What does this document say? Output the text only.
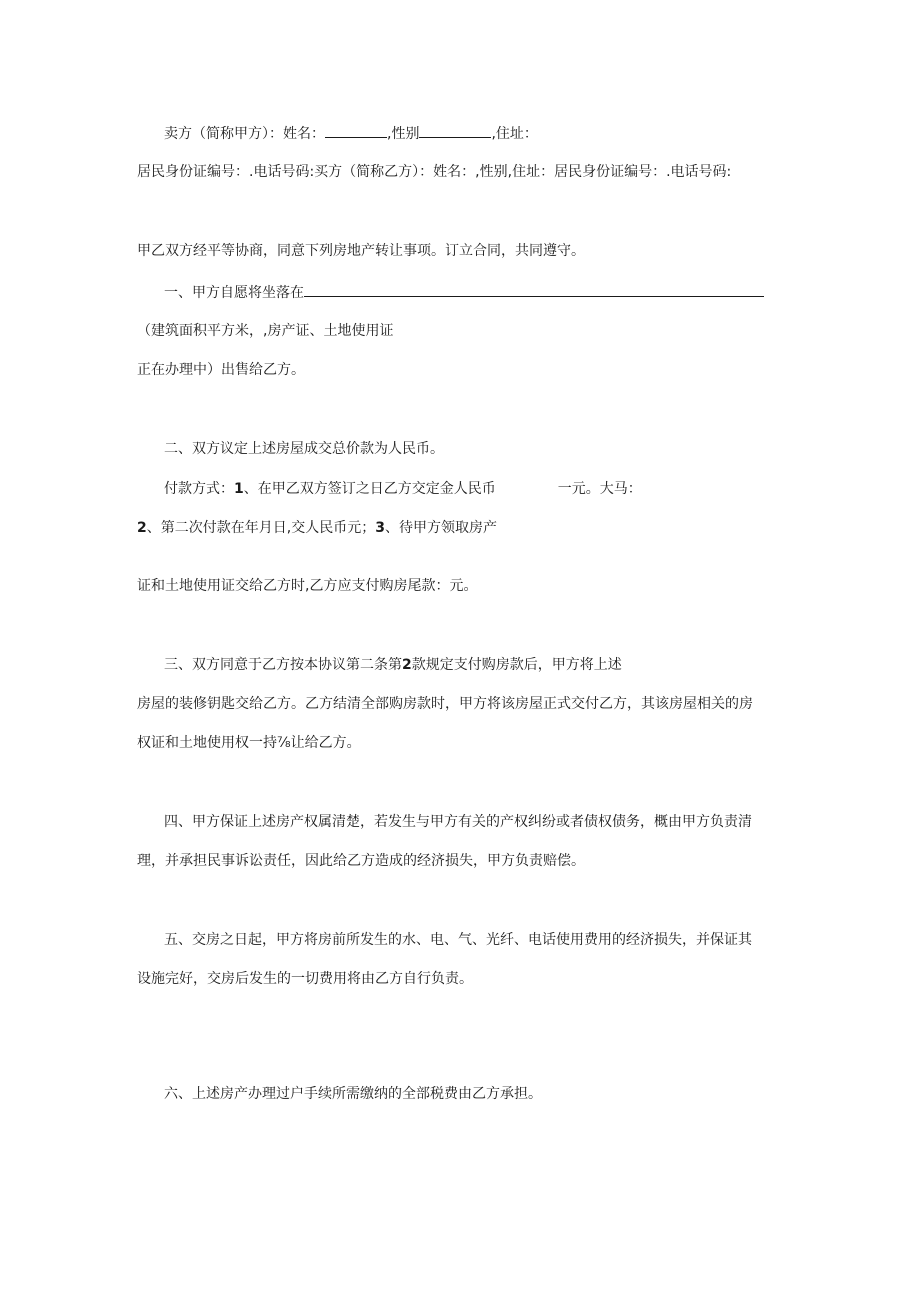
卖方（简称甲方）：姓名：	,性别	,住址：
居民身份证编号：.电话号码:买方（简称乙方）：姓名：,性别,住址：居民身份证编号：.电话号码:
甲乙双方经平等协商，同意下列房地产转让事项。订立合同，共同遵守。
一、甲方自愿将坐落在
（建筑面积平方米，,房产证、土地使用证
正在办理中）出售给乙方。
二、双方议定上述房屋成交总价款为人民币。
付款方式：1、在甲乙双方签订之日乙方交定金人民币	一元。大马：
2、第二次付款在年月日,交人民币元；3、待甲方领取房产
证和土地使用证交给乙方时,乙方应支付购房尾款：元。
三、双方同意于乙方按本协议第二条第2款规定支付购房款后，甲方将上述
房屋的装修钥匙交给乙方。乙方结清全部购房款时，甲方将该房屋正式交付乙方，其该房屋相关的房
权证和土地使用权一持⅞让给乙方。
四、甲方保证上述房产权属清楚，若发生与甲方有关的产权纠纷或者债权债务，概由甲方负责清
理，并承担民事诉讼责任，因此给乙方造成的经济损失，甲方负责赔偿。
五、交房之日起，甲方将房前所发生的水、电、气、光纤、电话使用费用的经济损失，并保证其
设施完好，交房后发生的一切费用将由乙方自行负责。
六、上述房产办理过户手续所需缴纳的全部税费由乙方承担。
